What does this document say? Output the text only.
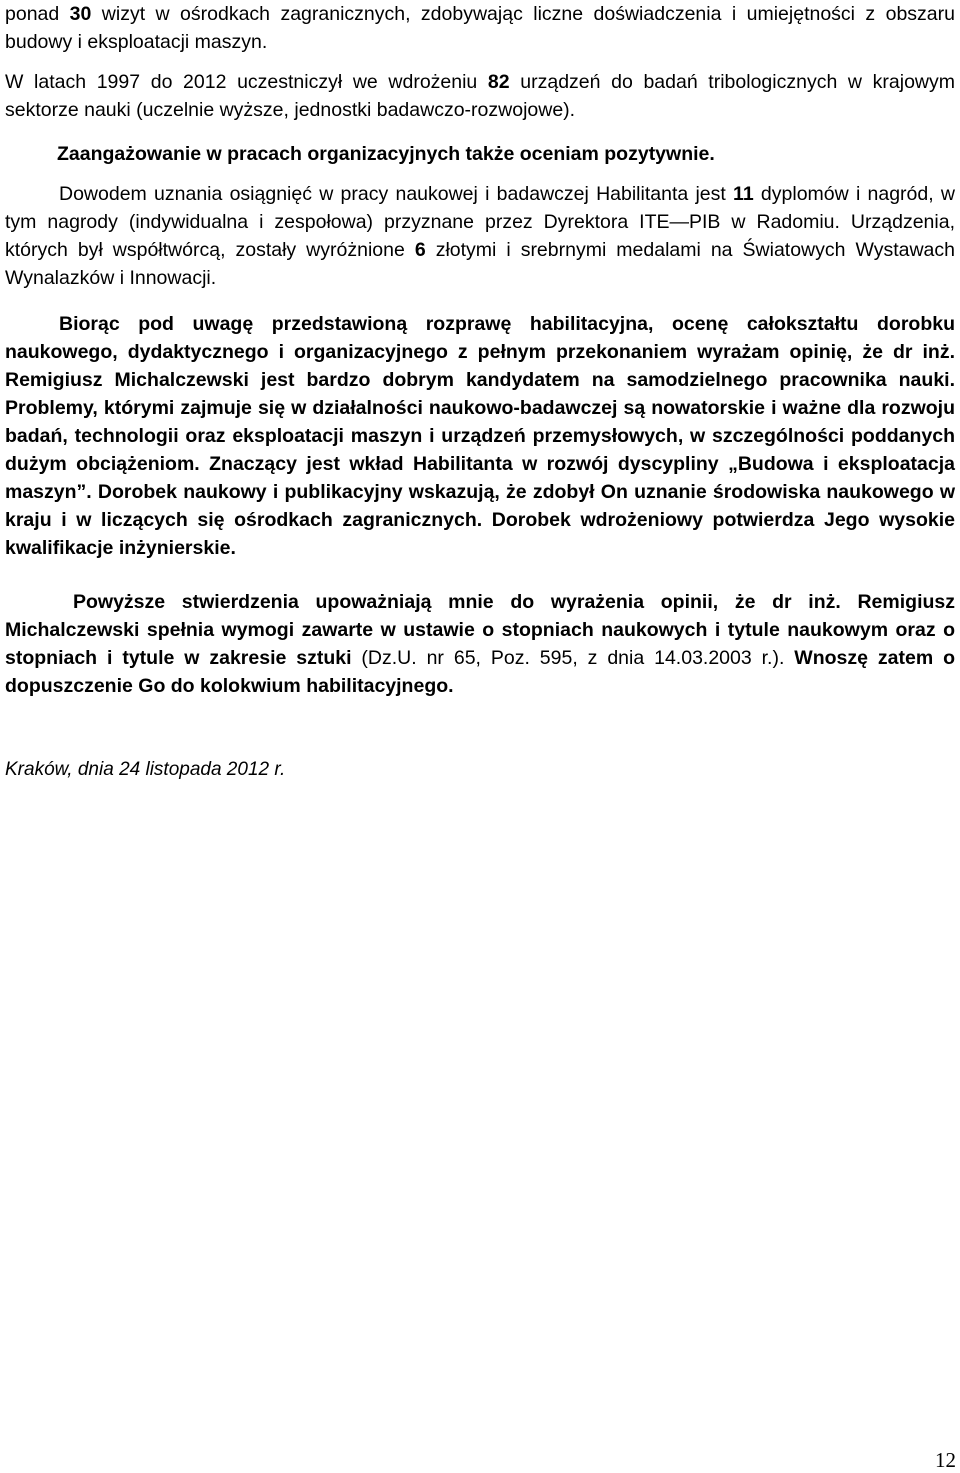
ponad 30 wizyt w ośrodkach zagranicznych, zdobywając liczne doświadczenia i umiejętności z obszaru budowy i eksploatacji maszyn.

W latach 1997 do 2012 uczestniczył we wdrożeniu 82 urządzeń do badań tribologicznych w krajowym sektorze nauki (uczelnie wyższe, jednostki badawczo-rozwojowe).

Zaangażowanie w pracach organizacyjnych także oceniam pozytywnie.

Dowodem uznania osiągnięć w pracy naukowej i badawczej Habilitanta jest 11 dyplomów i nagród, w tym nagrody (indywidualna i zespołowa) przyznane przez Dyrektora ITE—PIB w Radomiu. Urządzenia, których był współtwórcą, zostały wyróżnione 6 złotymi i srebrnymi medalami na Światowych Wystawach Wynalazków i Innowacji.

Biorąc pod uwagę przedstawioną rozprawę habilitacyjna, ocenę całokształtu dorobku naukowego, dydaktycznego i organizacyjnego z pełnym przekonaniem wyrażam opinię, że dr inż. Remigiusz Michalczewski jest bardzo dobrym kandydatem na samodzielnego pracownika nauki. Problemy, którymi zajmuje się w działalności naukowo-badawczej są nowatorskie i ważne dla rozwoju badań, technologii oraz eksploatacji maszyn i urządzeń przemysłowych, w szczególności poddanych dużym obciążeniom. Znaczący jest wkład Habilitanta w rozwój dyscypliny „Budowa i eksploatacja maszyn”. Dorobek naukowy i publikacyjny wskazują, że zdobył On uznanie środowiska naukowego w kraju i w liczących się ośrodkach zagranicznych. Dorobek wdrożeniowy potwierdza Jego wysokie kwalifikacje inżynierskie.

Powyższe stwierdzenia upoważniają mnie do wyrażenia opinii, że dr inż. Remigiusz Michalczewski spełnia wymogi zawarte w ustawie o stopniach naukowych i tytule naukowym oraz o stopniach i tytule w zakresie sztuki (Dz.U. nr 65, Poz. 595, z dnia 14.03.2003 r.). Wnoszę zatem o dopuszczenie Go do kolokwium habilitacyjnego.

Kraków, dnia 24 listopada 2012 r.

12
